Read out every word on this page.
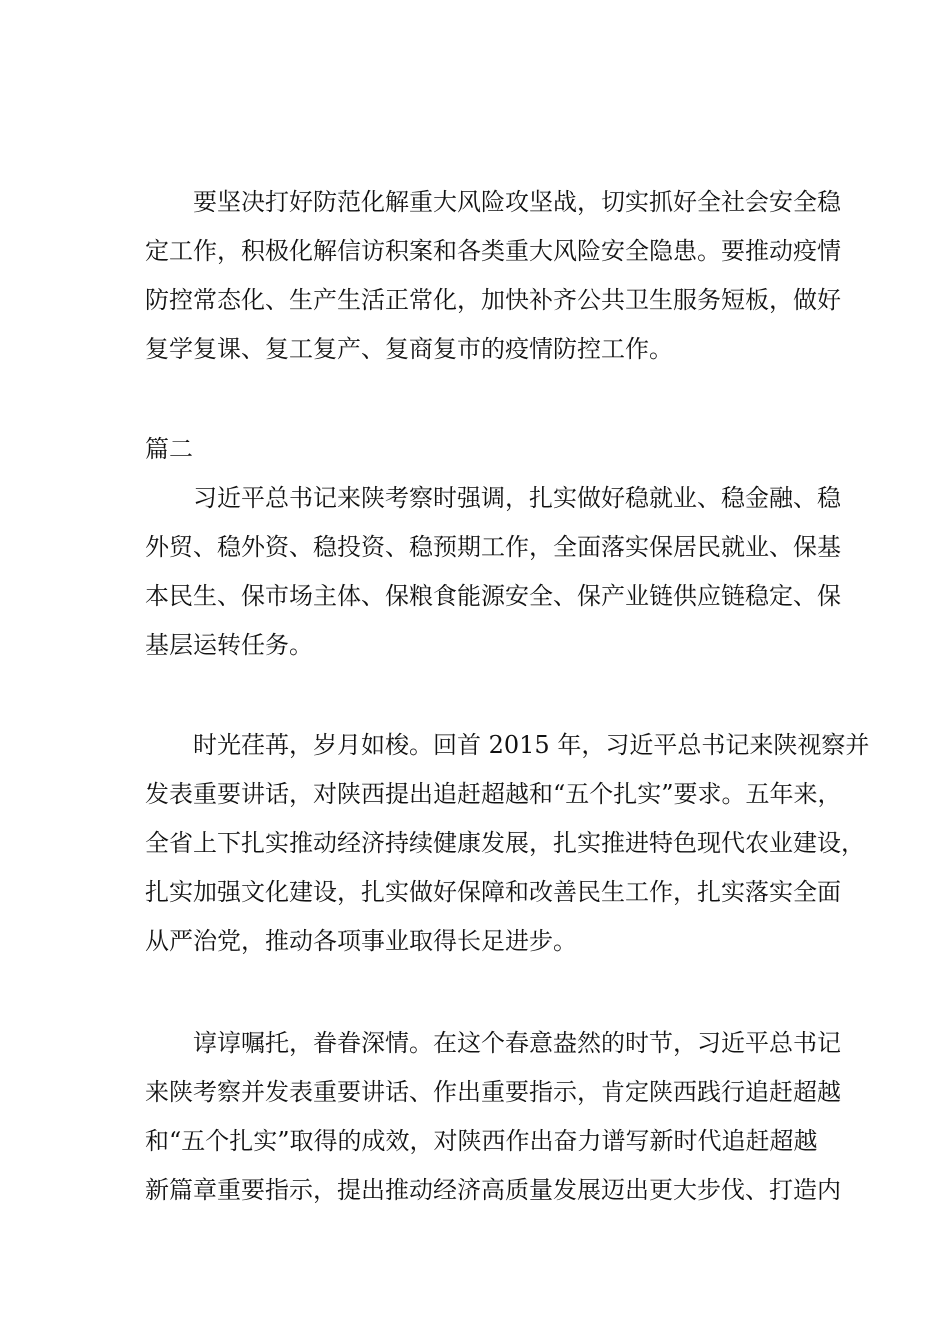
要坚决打好防范化解重大风险攻坚战，切实抓好全社会安全稳
定工作，积极化解信访积案和各类重大风险安全隐患。要推动疫情
防控常态化、生产生活正常化，加快补齐公共卫生服务短板，做好
复学复课、复工复产、复商复市的疫情防控工作。
篇二
习近平总书记来陕考察时强调，扎实做好稳就业、稳金融、稳
外贸、稳外资、稳投资、稳预期工作，全面落实保居民就业、保基
本民生、保市场主体、保粮食能源安全、保产业链供应链稳定、保
基层运转任务。
时光荏苒，岁月如梭。回首 2015 年，习近平总书记来陕视察并
发表重要讲话，对陕西提出追赶超越和“五个扎实”要求。五年来，
全省上下扎实推动经济持续健康发展，扎实推进特色现代农业建设，
扎实加强文化建设，扎实做好保障和改善民生工作，扎实落实全面
从严治党，推动各项事业取得长足进步。
谆谆嘱托，眷眷深情。在这个春意盎然的时节，习近平总书记
来陕考察并发表重要讲话、作出重要指示，肯定陕西践行追赶超越
和“五个扎实”取得的成效，对陕西作出奋力谱写新时代追赶超越
新篇章重要指示，提出推动经济高质量发展迈出更大步伐、打造内
